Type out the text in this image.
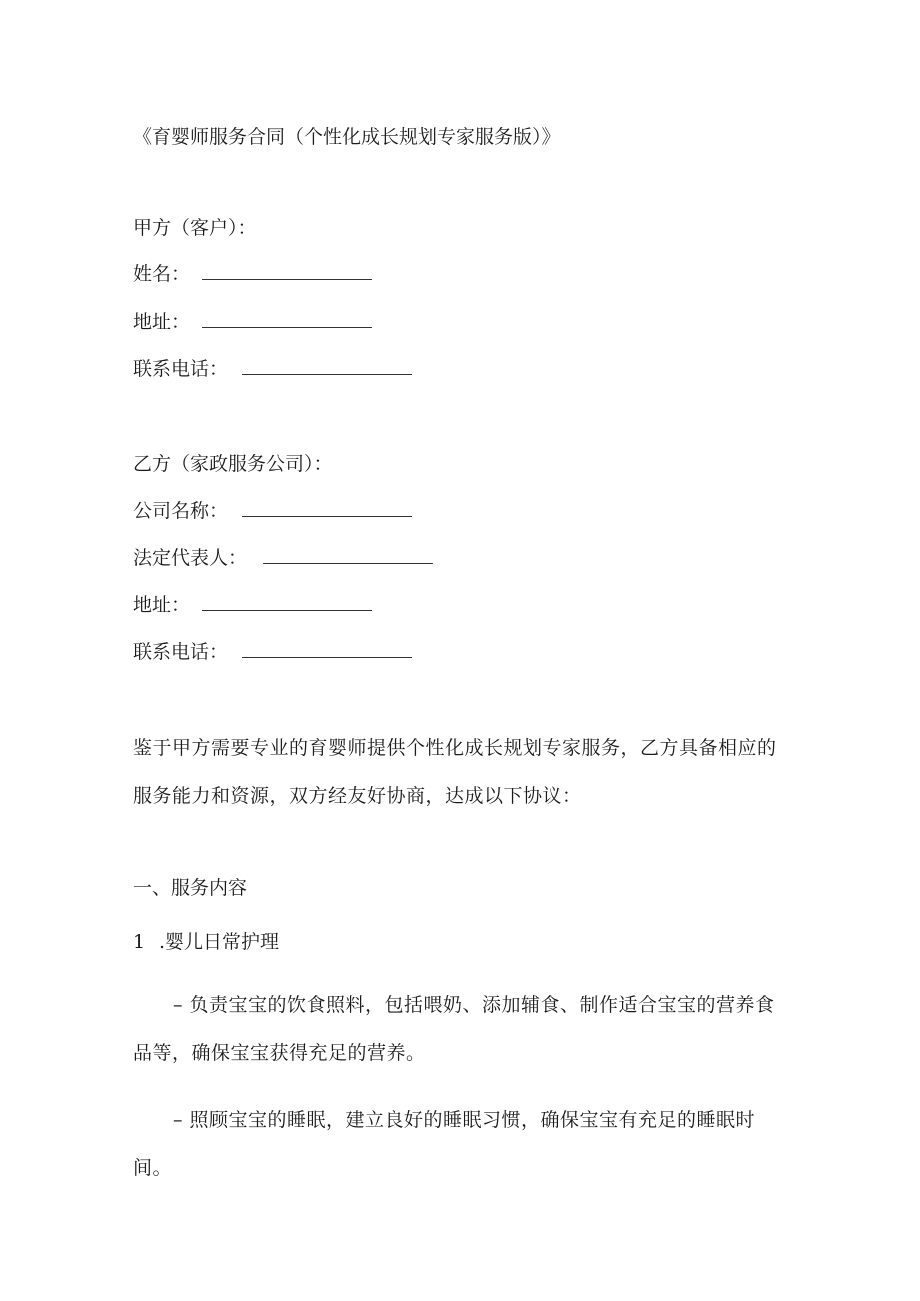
《育婴师服务合同（个性化成长规划专家服务版）》
甲方（客户）：
姓名：
地址：
联系电话：
乙方（家政服务公司）：
公司名称：
法定代表人：
地址：
联系电话：
鉴于甲方需要专业的育婴师提供个性化成长规划专家服务，乙方具备相应的服务能力和资源，双方经友好协商，达成以下协议：
一、服务内容
1 .婴儿日常护理
– 负责宝宝的饮食照料，包括喂奶、添加辅食、制作适合宝宝的营养食品等，确保宝宝获得充足的营养。
– 照顾宝宝的睡眠，建立良好的睡眠习惯，确保宝宝有充足的睡眠时间。
